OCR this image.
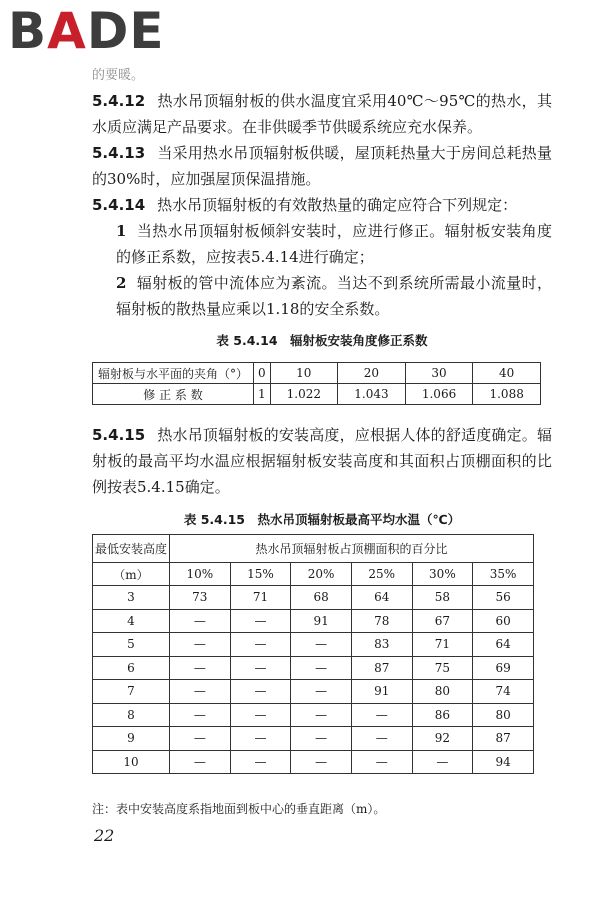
BADE
的要暖。

5.4.12 热水吊顶辐射板的供水温度宜采用40℃～95℃的热水，其水质应满足产品要求。在非供暖季节供暖系统应充水保养。

5.4.13 当采用热水吊顶辐射板供暖，屋顶耗热量大于房间总耗热量的30%时，应加强屋顶保温措施。

5.4.14 热水吊顶辐射板的有效散热量的确定应符合下列规定：

1 当热水吊顶辐射板倾斜安装时，应进行修正。辐射板安装角度的修正系数，应按表5.4.14进行确定；

2 辐射板的管中流体应为紊流。当达不到系统所需最小流量时，辐射板的散热量应乘以1.18的安全系数。

表 5.4.14　辐射板安装角度修正系数
辐射板与水平面的夹角（°）	0	10	20	30	40
修 正 系 数	1	1.022	1.043	1.066	1.088

5.4.15 热水吊顶辐射板的安装高度，应根据人体的舒适度确定。辐射板的最高平均水温应根据辐射板安装高度和其面积占顶棚面积的比例按表5.4.15确定。

表 5.4.15　热水吊顶辐射板最高平均水温（℃）
最低安装高度	热水吊顶辐射板占顶棚面积的百分比					
（m）	10%	15%	20%	25%	30%	35%
3	73	71	68	64	58	56
4	—	—	91	78	67	60
5	—	—	—	83	71	64
6	—	—	—	87	75	69
7	—	—	—	91	80	74
8	—	—	—	—	86	80
9	—	—	—	—	92	87
10	—	—	—	—	—	94
注：表中安装高度系指地面到板中心的垂直距离（m）。
22
